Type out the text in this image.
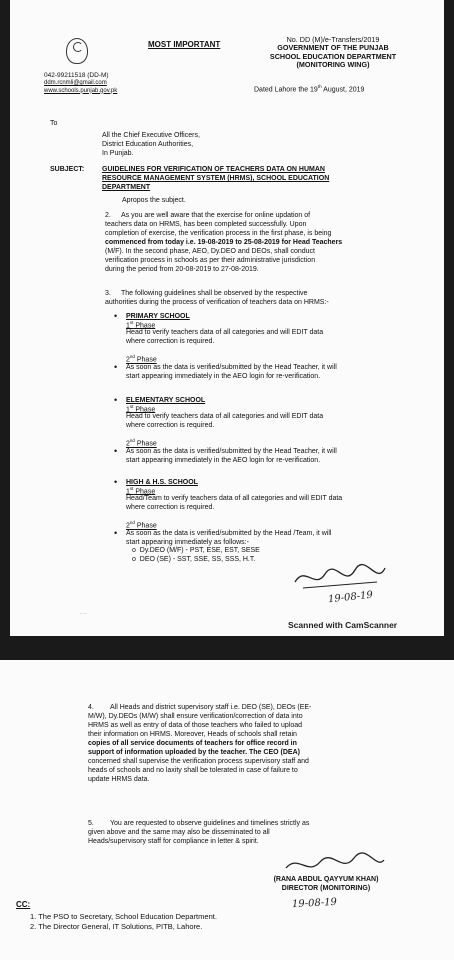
042-99211518 (DD-M)
ddm.rcnmli@gmail.com
www.schools.punjab.gov.pk
MOST IMPORTANT
No. DD (M)/e-Transfers/2019
GOVERNMENT OF THE PUNJAB
SCHOOL EDUCATION DEPARTMENT
(MONITORING WING)
Dated Lahore the 19th August, 2019
To
All the Chief Executive Officers,
District Education Authorities,
In Punjab.
SUBJECT:	GUIDELINES FOR VERIFICATION OF TEACHERS DATA ON HUMAN
RESOURCE MANAGEMENT SYSTEM (HRMS), SCHOOL EDUCATION
DEPARTMENT
Apropos the subject.
2.	As you are well aware that the exercise for online updation of
teachers data on HRMS, has been completed successfully. Upon
completion of exercise, the verification process in the first phase, is being
commenced from today i.e. 19-08-2019 to 25-08-2019 for Head Teachers
(M/F). In the second phase, AEO, Dy.DEO and DEOs, shall conduct
verification process in schools as per their administrative jurisdiction
during the period from 20-08-2019 to 27-08-2019.
3.	The following guidelines shall be observed by the respective
authorities during the process of verification of teachers data on HRMS:-
• PRIMARY SCHOOL
1st Phase
Head to verify teachers data of all categories and will EDIT data
where correction is required.
•
2nd Phase
As soon as the data is verified/submitted by the Head Teacher, it will
start appearing immediately in the AEO login for re-verification.
• ELEMENTARY SCHOOL
1st Phase
Head to verify teachers data of all categories and will EDIT data
where correction is required.
•
2nd Phase
As soon as the data is verified/submitted by the Head Teacher, it will
start appearing immediately in the AEO login for re-verification.
• HIGH & H.S. SCHOOL
1st Phase
Head/Team to verify teachers data of all categories and will EDIT data
where correction is required.
•
2nd Phase
As soon as the data is verified/submitted by the Head /Team, it will
start appearing immediately as follows:-
o  Dy.DEO (M/F) - PST, ESE, EST, SESE
o  DEO (SE) - SST, SSE, SS, SSS, H.T.
19-08-19
······
Scanned with CamScanner
4.	All Heads and district supervisory staff i.e. DEO (SE), DEOs (EE-
M/W), Dy.DEOs (M/W) shall ensure verification/correction of data into
HRMS as well as entry of data of those teachers who failed to upload
their information on HRMS. Moreover, Heads of schools shall retain
copies of all service documents of teachers for office record in
support of information uploaded by the teacher. The CEO (DEA)
concerned shall supervise the verification process supervisory staff and
heads of schools and no laxity shall be tolerated in case of failure to
update HRMS data.
5.	You are requested to observe guidelines and timelines strictly as
given above and the same may also be disseminated to all
Heads/supervisory staff for compliance in letter & spirit.
(RANA ABDUL QAYYUM KHAN)
DIRECTOR (MONITORING)
19-08-19
CC:
1. The PSO to Secretary, School Education Department.
2. The Director General, IT Solutions, PITB, Lahore.
